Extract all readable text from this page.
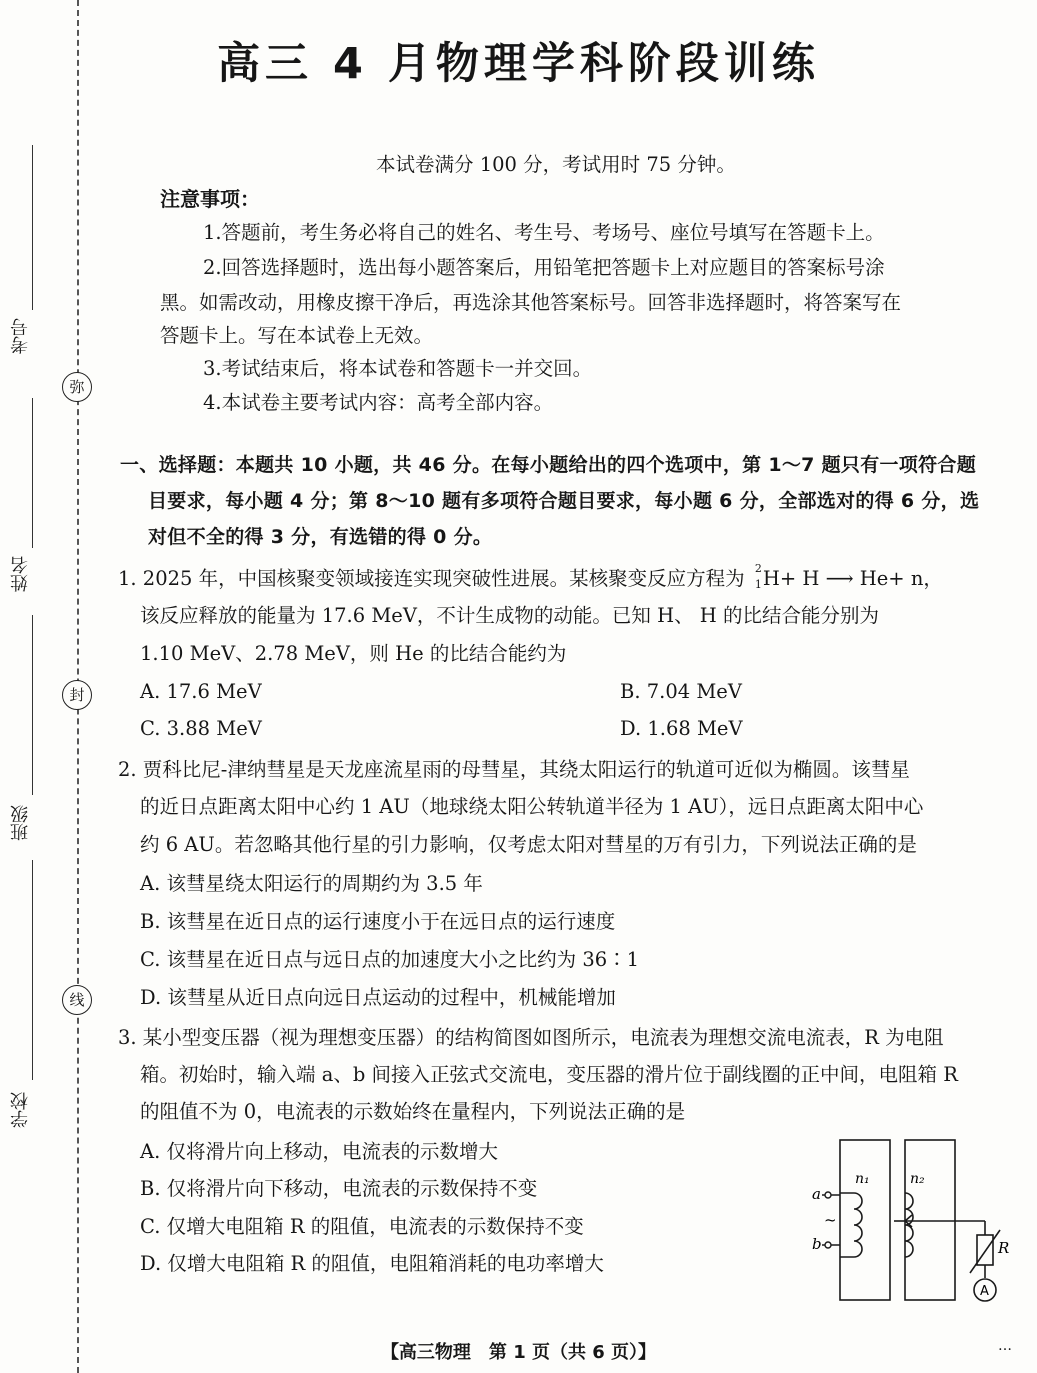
考号
姓名
班级
学校
弥
封
线
高三 4 月物理学科阶段训练
本试卷满分 100 分，考试用时 75 分钟。
注意事项：
1.答题前，考生务必将自己的姓名、考生号、考场号、座位号填写在答题卡上。
2.回答选择题时，选出每小题答案后，用铅笔把答题卡上对应题目的答案标号涂
黑。如需改动，用橡皮擦干净后，再选涂其他答案标号。回答非选择题时，将答案写在
答题卡上。写在本试卷上无效。
3.考试结束后，将本试卷和答题卡一并交回。
4.本试卷主要考试内容：高考全部内容。
一、选择题：本题共 10 小题，共 46 分。在每小题给出的四个选项中，第 1～7 题只有一项符合题
目要求，每小题 4 分；第 8～10 题有多项符合题目要求，每小题 6 分，全部选对的得 6 分，选
对但不全的得 3 分，有选错的得 0 分。
1. 2025 年，中国核聚变领域接连实现突破性进展。某核聚变反应方程为 2
1 H+ H ⟶ He+ n，
该反应释放的能量为 17.6 MeV，不计生成物的动能。已知 H、 H 的比结合能分别为
1.10 MeV、2.78 MeV，则 He 的比结合能约为
A. 17.6 MeV	B. 7.04 MeV
C. 3.88 MeV	D. 1.68 MeV
2. 贾科比尼-津纳彗星是天龙座流星雨的母彗星，其绕太阳运行的轨道可近似为椭圆。该彗星
的近日点距离太阳中心约 1 AU（地球绕太阳公转轨道半径为 1 AU），远日点距离太阳中心
约 6 AU。若忽略其他行星的引力影响，仅考虑太阳对彗星的万有引力，下列说法正确的是
A. 该彗星绕太阳运行的周期约为 3.5 年
B. 该彗星在近日点的运行速度小于在远日点的运行速度
C. 该彗星在近日点与远日点的加速度大小之比约为 36∶1
D. 该彗星从近日点向远日点运动的过程中，机械能增加
3. 某小型变压器（视为理想变压器）的结构简图如图所示，电流表为理想交流电流表，R 为电阻
箱。初始时，输入端 a、b 间接入正弦式交流电，变压器的滑片位于副线圈的正中间，电阻箱 R
的阻值不为 0，电流表的示数始终在量程内，下列说法正确的是
A. 仅将滑片向上移动，电流表的示数增大
B. 仅将滑片向下移动，电流表的示数保持不变
C. 仅增大电阻箱 R 的阻值，电流表的示数保持不变
D. 仅增大电阻箱 R 的阻值，电阻箱消耗的电功率增大
a
b
~
n₁	n₂
R
A
【高三物理　第 1 页（共 6 页）】	…
